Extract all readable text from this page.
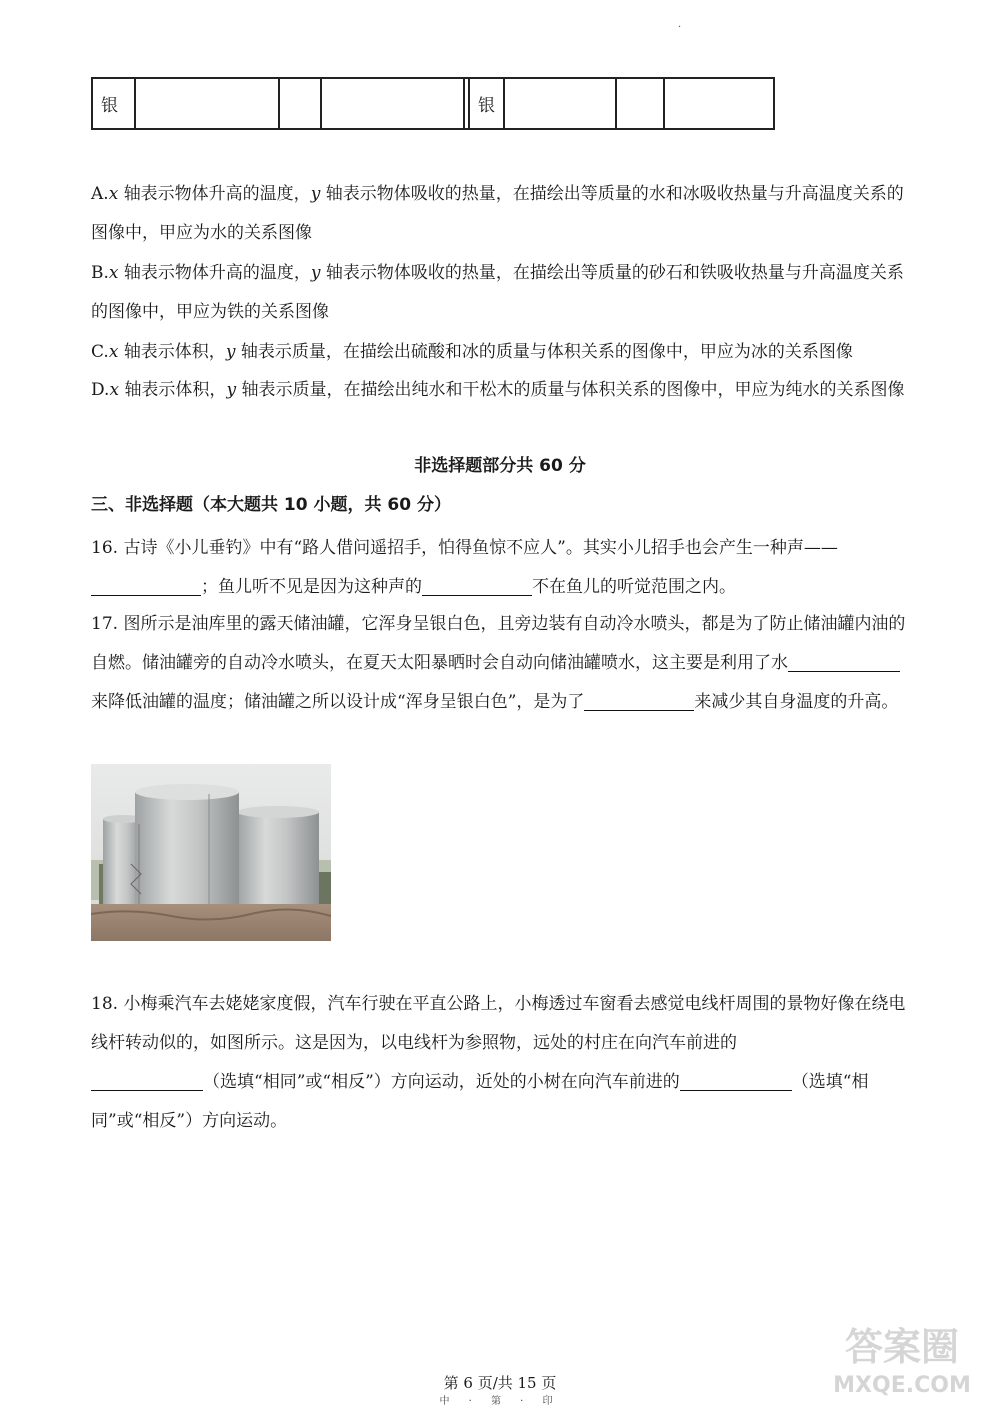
·
银					银			

A.x 轴表示物体升高的温度，y 轴表示物体吸收的热量，在描绘出等质量的水和冰吸收热量与升高温度关系的图像中，甲应为水的关系图像

B.x 轴表示物体升高的温度，y 轴表示物体吸收的热量，在描绘出等质量的砂石和铁吸收热量与升高温度关系的图像中，甲应为铁的关系图像

C.x 轴表示体积，y 轴表示质量，在描绘出硫酸和冰的质量与体积关系的图像中，甲应为冰的关系图像

D.x 轴表示体积，y 轴表示质量，在描绘出纯水和干松木的质量与体积关系的图像中，甲应为纯水的关系图像

非选择题部分共 60 分
三、非选择题（本大题共 10 小题，共 60 分）

16. 古诗《小儿垂钓》中有“路人借问遥招手，怕得鱼惊不应人”。其实小儿招手也会产生一种声——
；鱼儿听不见是因为这种声的	不在鱼儿的听觉范围之内。

17. 图所示是油库里的露天储油罐，它浑身呈银白色，且旁边装有自动冷水喷头，都是为了防止储油罐内油的自燃。储油罐旁的自动冷水喷头，在夏天太阳暴晒时会自动向储油罐喷水，这主要是利用了水来降低油罐的温度；储油罐之所以设计成“浑身呈银白色”，是为了	来减少其自身温度的升高。

18. 小梅乘汽车去姥姥家度假，汽车行驶在平直公路上，小梅透过车窗看去感觉电线杆周围的景物好像在绕电线杆转动似的，如图所示。这是因为，以电线杆为参照物，远处的村庄在向汽车前进的
（选填“相同”或“相反”）方向运动，近处的小树在向汽车前进的	（选填“相同”或“相反”）方向运动。

答案圈
MXQE.COM
第 6 页/共 15 页
中 · 第 · 印
